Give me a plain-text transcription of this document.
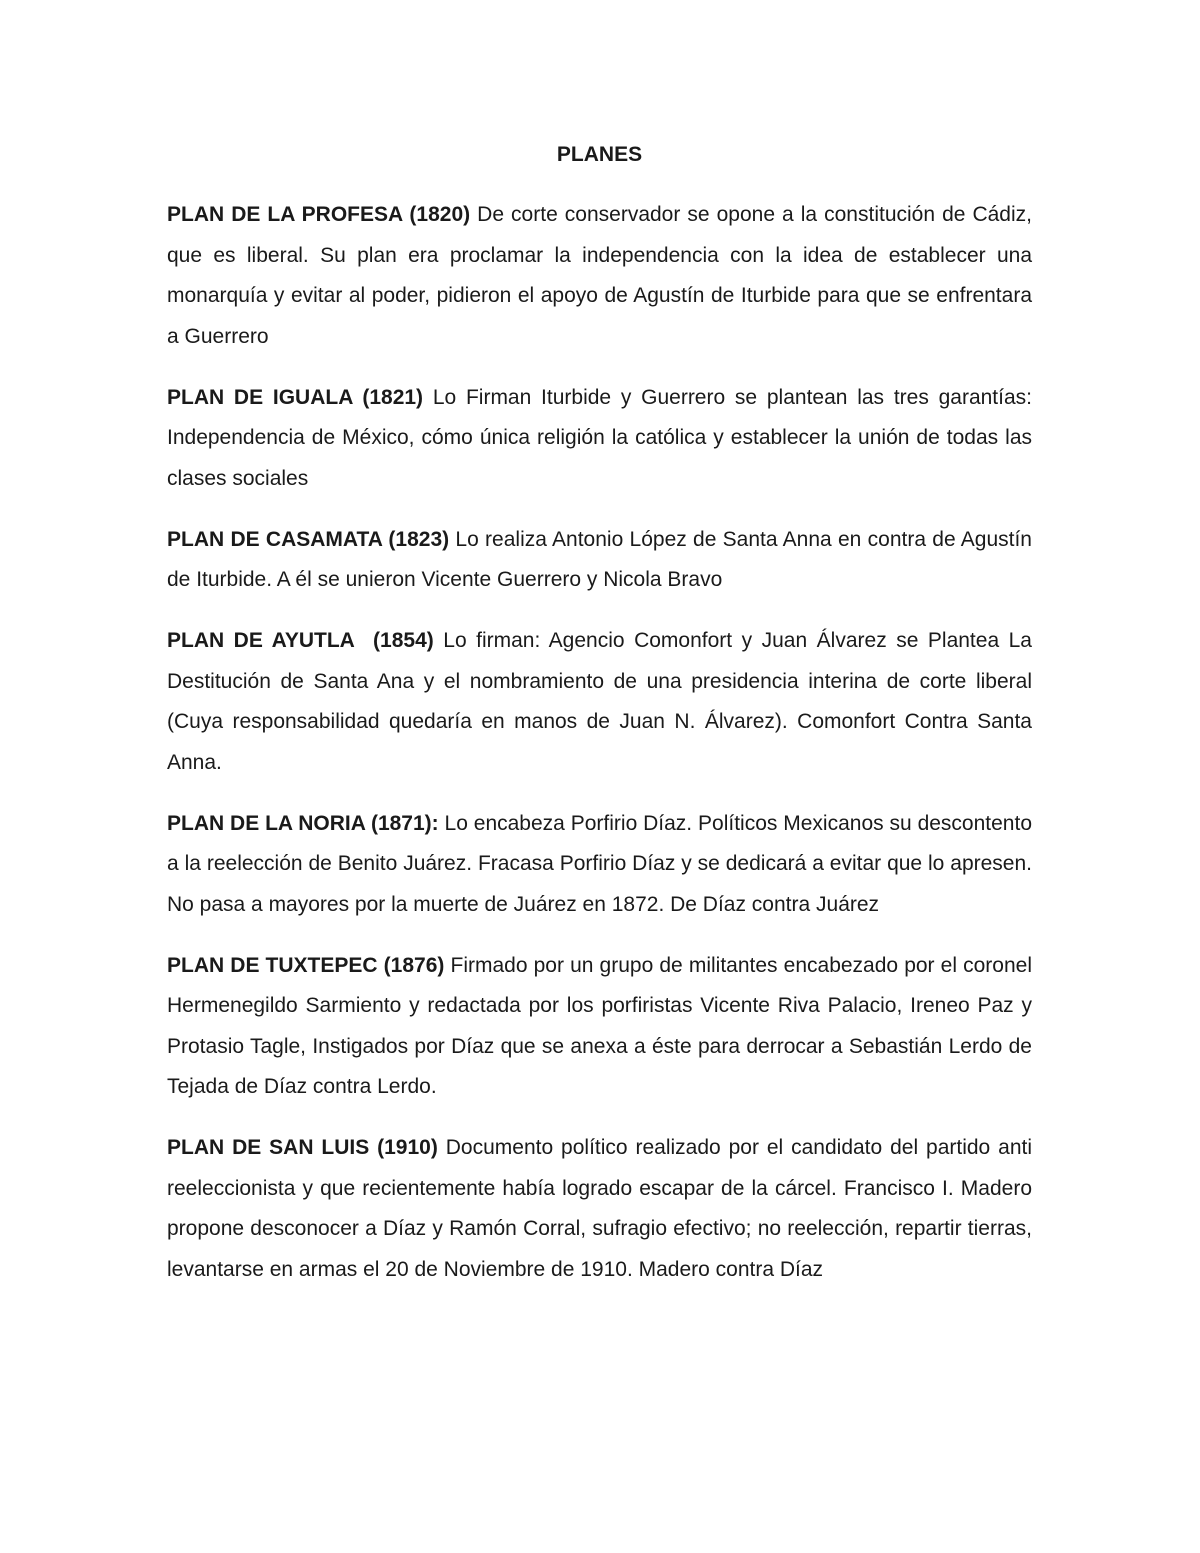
PLANES

PLAN DE LA PROFESA (1820) De corte conservador se opone a la constitución de Cádiz, que es liberal. Su plan era proclamar la independencia con la idea de establecer una monarquía y evitar al poder, pidieron el apoyo de Agustín de Iturbide para que se enfrentara a Guerrero

PLAN DE IGUALA (1821) Lo Firman Iturbide y Guerrero se plantean las tres garantías: Independencia de México, cómo única religión la católica y establecer la unión de todas las clases sociales

PLAN DE CASAMATA (1823) Lo realiza Antonio López de Santa Anna en contra de Agustín de Iturbide. A él se unieron Vicente Guerrero y Nicola Bravo

PLAN DE AYUTLA  (1854) Lo firman: Agencio Comonfort y Juan Álvarez se Plantea La Destitución de Santa Ana y el nombramiento de una presidencia interina de corte liberal (Cuya responsabilidad quedaría en manos de Juan N. Álvarez). Comonfort Contra Santa Anna.

PLAN DE LA NORIA (1871): Lo encabeza Porfirio Díaz. Políticos Mexicanos su descontento a la reelección de Benito Juárez. Fracasa Porfirio Díaz y se dedicará a evitar que lo apresen. No pasa a mayores por la muerte de Juárez en 1872. De Díaz contra Juárez

PLAN DE TUXTEPEC (1876) Firmado por un grupo de militantes encabezado por el coronel Hermenegildo Sarmiento y redactada por los porfiristas Vicente Riva Palacio, Ireneo Paz y Protasio Tagle, Instigados por Díaz que se anexa a éste para derrocar a Sebastián Lerdo de Tejada de Díaz contra Lerdo.

PLAN DE SAN LUIS (1910) Documento político realizado por el candidato del partido anti reeleccionista y que recientemente había logrado escapar de la cárcel. Francisco I. Madero propone desconocer a Díaz y Ramón Corral, sufragio efectivo; no reelección, repartir tierras, levantarse en armas el 20 de Noviembre de 1910. Madero contra Díaz
